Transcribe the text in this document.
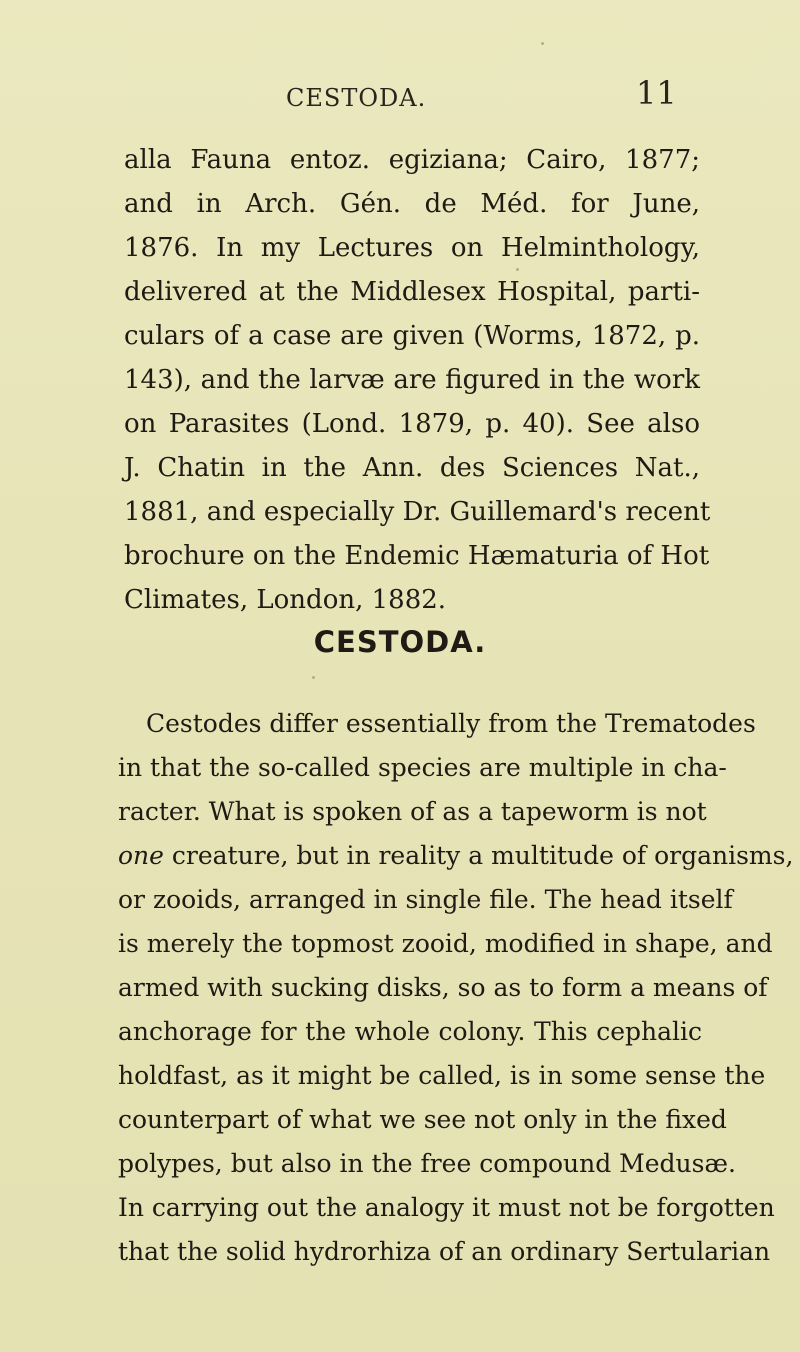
CESTODA.	11
alla Fauna entoz. egiziana; Cairo, 1877;
and in Arch. Gén. de Méd. for June,
1876. In my Lectures on Helminthology,
delivered at the Middlesex Hospital, parti-
culars of a case are given (Worms, 1872, p.
143), and the larvæ are figured in the work
on Parasites (Lond. 1879, p. 40). See also
J. Chatin in the Ann. des Sciences Nat.,
1881, and especially Dr. Guillemard's recent
brochure on the Endemic Hæmaturia of Hot
Climates, London, 1882.
CESTODA.
Cestodes differ essentially from the Trematodes
in that the so-called species are multiple in cha-
racter. What is spoken of as a tapeworm is not
one creature, but in reality a multitude of organisms,
or zooids, arranged in single file. The head itself
is merely the topmost zooid, modified in shape, and
armed with sucking disks, so as to form a means of
anchorage for the whole colony. This cephalic
holdfast, as it might be called, is in some sense the
counterpart of what we see not only in the fixed
polypes, but also in the free compound Medusæ.
In carrying out the analogy it must not be forgotten
that the solid hydrorhiza of an ordinary Sertularian
